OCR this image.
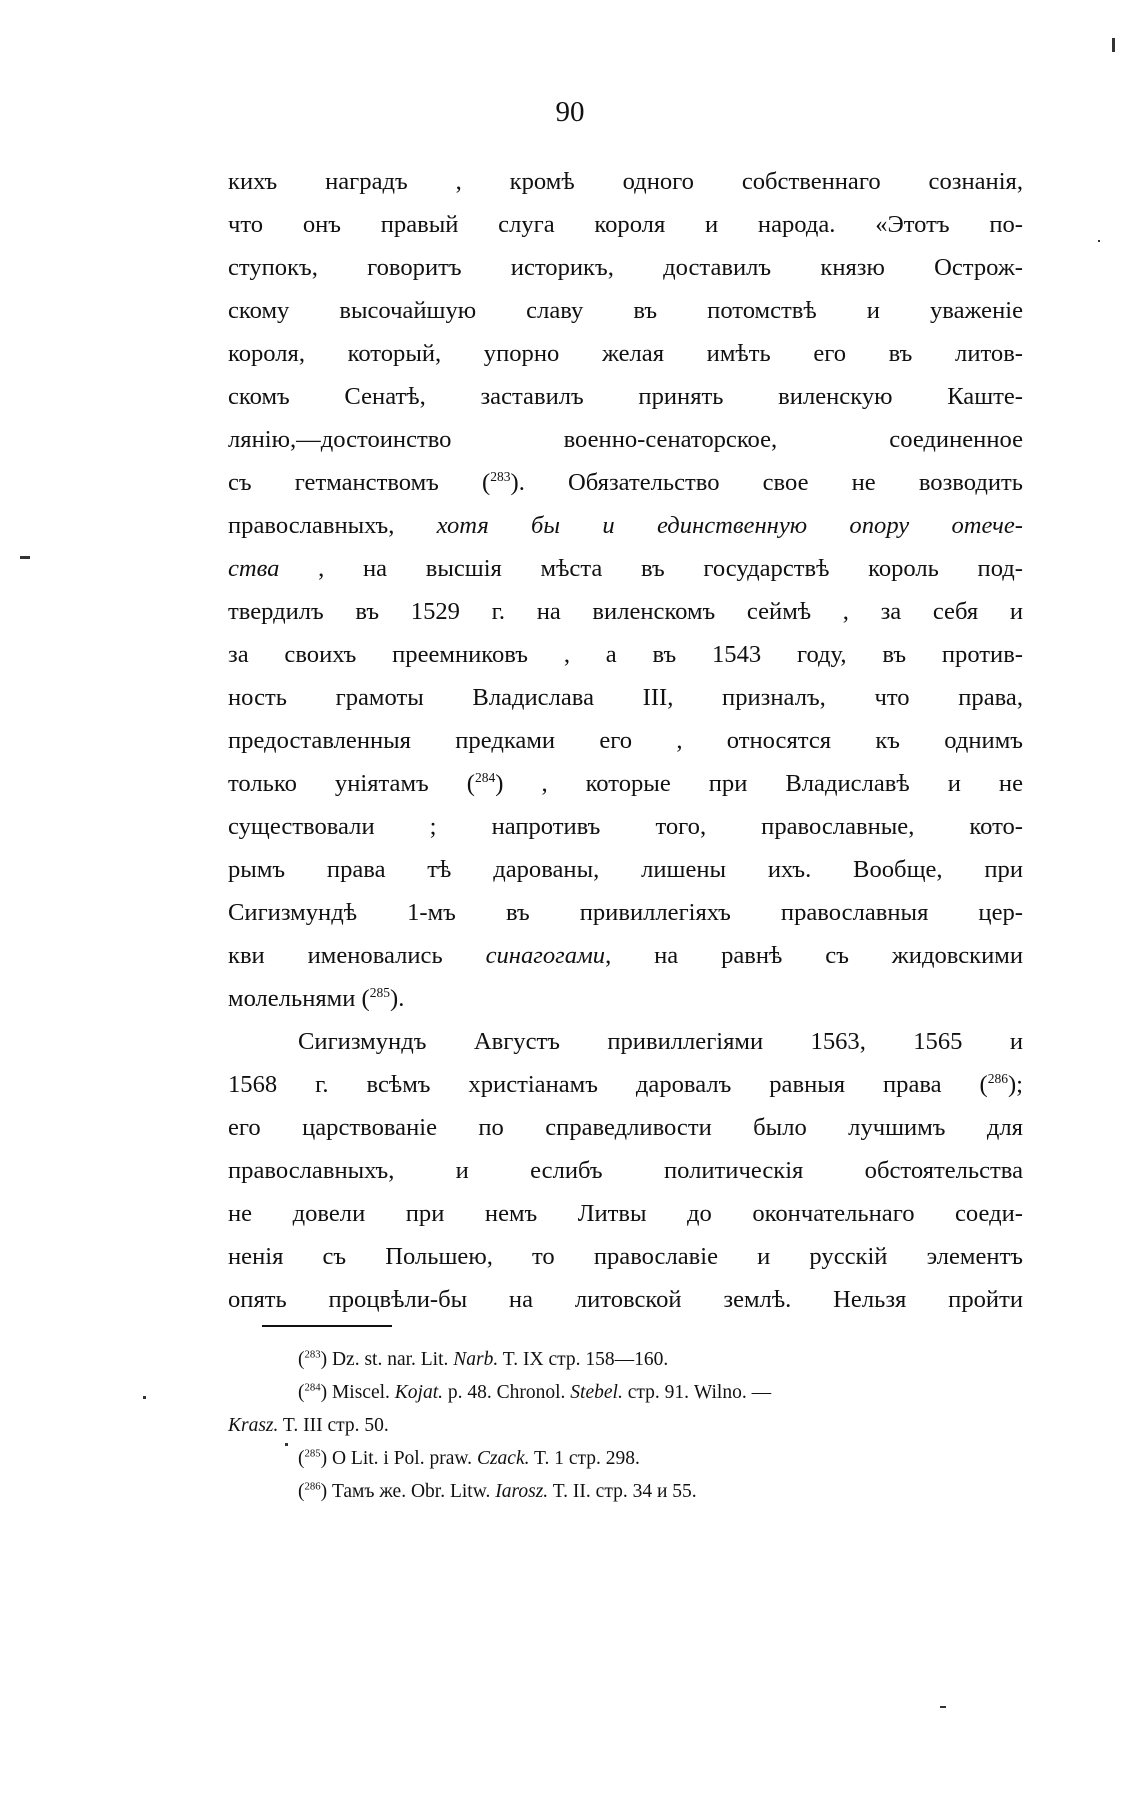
90
кихъ наградъ , кромѣ одного собственнаго сознанія,
что онъ правый слуга короля и народа. «Этотъ по-
ступокъ, говоритъ историкъ, доставилъ князю Острож-
скому высочайшую славу въ потомствѣ и уваженіе
короля, который, упорно желая имѣть его въ литов-
скомъ Сенатѣ, заставилъ принять виленскую Каште-
лянію,—достоинство военно-сенаторское, соединенное
съ гетманствомъ ($^{283}$). Обязательство свое не возводить
православныхъ, хотя бы и единственную опору отече-
ства , на высшія мѣста въ государствѣ король под-
твердилъ въ 1529 г. на виленскомъ сеймѣ , за себя и
за своихъ преемниковъ , а въ 1543 году, въ против-
ность грамоты Владислава III, призналъ, что права,
предоставленныя предками его , относятся къ однимъ
только уніятамъ ($^{284}$) , которые при Владиславѣ и не
существовали ; напротивъ того, православные, кото-
рымъ права тѣ дарованы, лишены ихъ. Вообще, при
Сигизмундѣ 1-мъ въ привиллегіяхъ православныя цер-
кви именовались синагогами, на равнѣ съ жидовскими
молельнями ($^{285}$).
Сигизмундъ Августъ привиллегіями 1563, 1565 и
1568 г. всѣмъ христіанамъ даровалъ равныя права ($^{286}$);
его царствованіе по справедливости было лучшимъ для
православныхъ, и еслибъ политическія обстоятельства
не довели при немъ Литвы до окончательнаго соеди-
ненія съ Польшею, то православіе и русскій элементъ
опять процвѣли-бы на литовской землѣ. Нельзя пройти
($^{283}$) Dz. st. nar. Lit. Narb. T. IX стр. 158—160.
($^{284}$) Miscel. Kojat. p. 48. Chronol. Stebel. стр. 91. Wilno. —
Krasz. T. III стр. 50.
($^{285}$) O Lit. i Pol. praw. Czack. T. 1 стр. 298.
($^{286}$) Тамъ же. Obr. Litw. Iarosz. T. II. стр. 34 и 55.
